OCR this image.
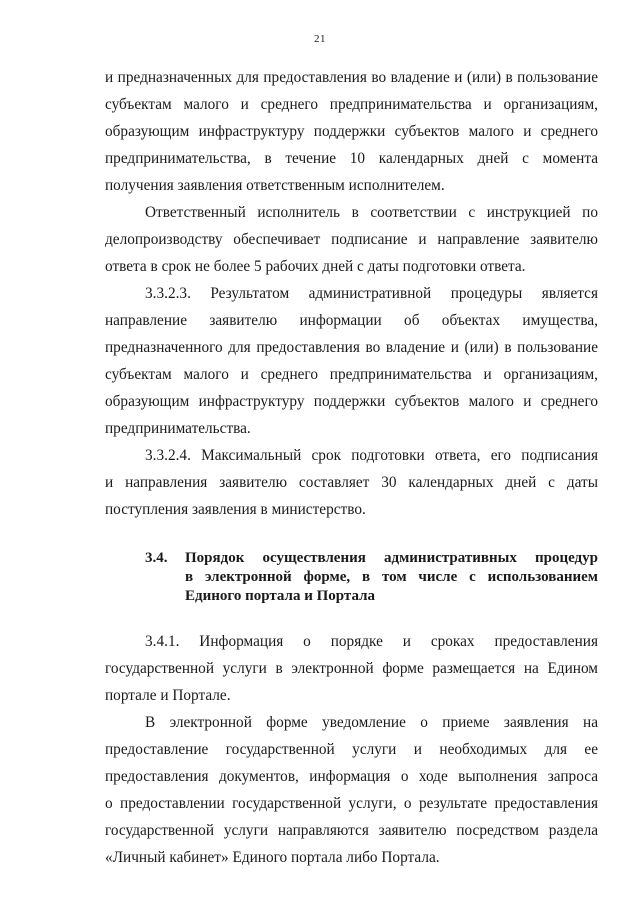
21
и предназначенных для предоставления во владение и (или) в пользование
субъектам малого и среднего предпринимательства и организациям,
образующим инфраструктуру поддержки субъектов малого и среднего
предпринимательства, в течение 10 календарных дней с момента
получения заявления ответственным исполнителем.
Ответственный исполнитель в соответствии с инструкцией по
делопроизводству обеспечивает подписание и направление заявителю
ответа в срок не более 5 рабочих дней с даты подготовки ответа.
3.3.2.3. Результатом административной процедуры является
направление заявителю информации об объектах имущества,
предназначенного для предоставления во владение и (или) в пользование
субъектам малого и среднего предпринимательства и организациям,
образующим инфраструктуру поддержки субъектов малого и среднего
предпринимательства.
3.3.2.4. Максимальный срок подготовки ответа, его подписания
и направления заявителю составляет 30 календарных дней с даты
поступления заявления в министерство.
3.4.	Порядок осуществления административных процедур
в электронной форме, в том числе с использованием
Единого портала и Портала
3.4.1. Информация о порядке и сроках предоставления
государственной услуги в электронной форме размещается на Едином
портале и Портале.
В электронной форме уведомление о приеме заявления на
предоставление государственной услуги и необходимых для ее
предоставления документов, информация о ходе выполнения запроса
о предоставлении государственной услуги, о результате предоставления
государственной услуги направляются заявителю посредством раздела
«Личный кабинет» Единого портала либо Портала.
